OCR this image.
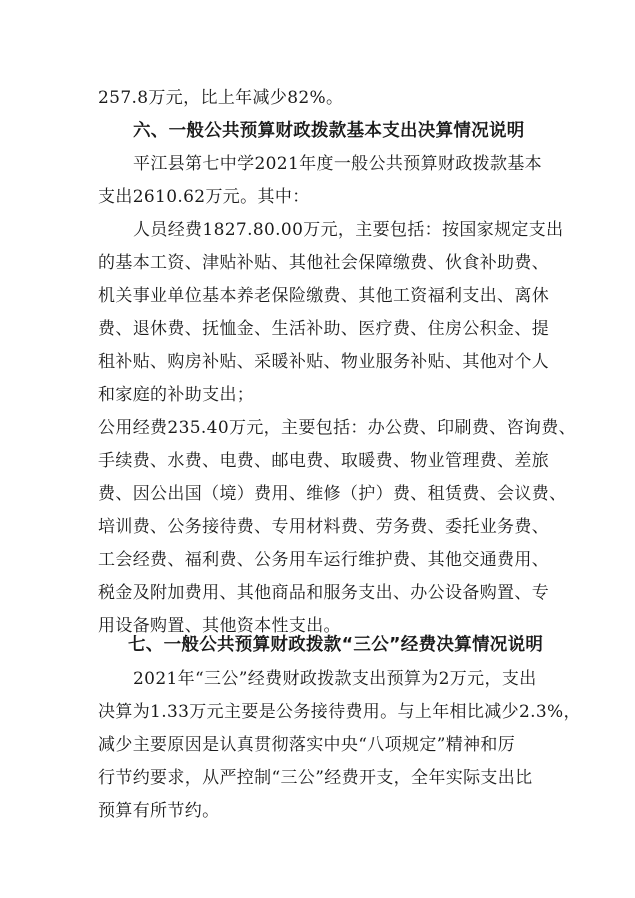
257.8万元，比上年减少82%。
六、一般公共预算财政拨款基本支出决算情况说明
平江县第七中学2021年度一般公共预算财政拨款基本
支出2610.62万元。其中：
人员经费1827.80.00万元，主要包括：按国家规定支出
的基本工资、津贴补贴、其他社会保障缴费、伙食补助费、
机关事业单位基本养老保险缴费、其他工资福利支出、离休
费、退休费、抚恤金、生活补助、医疗费、住房公积金、提
租补贴、购房补贴、采暖补贴、物业服务补贴、其他对个人
和家庭的补助支出；
公用经费235.40万元，主要包括：办公费、印刷费、咨询费、
手续费、水费、电费、邮电费、取暖费、物业管理费、差旅
费、因公出国（境）费用、维修（护）费、租赁费、会议费、
培训费、公务接待费、专用材料费、劳务费、委托业务费、
工会经费、福利费、公务用车运行维护费、其他交通费用、
税金及附加费用、其他商品和服务支出、办公设备购置、专
用设备购置、其他资本性支出。
七、一般公共预算财政拨款“三公”经费决算情况说明
2021年“三公”经费财政拨款支出预算为2万元，支出
决算为1.33万元主要是公务接待费用。与上年相比减少2.3%，
减少主要原因是认真贯彻落实中央“八项规定”精神和厉
行节约要求，从严控制“三公”经费开支，全年实际支出比
预算有所节约。
